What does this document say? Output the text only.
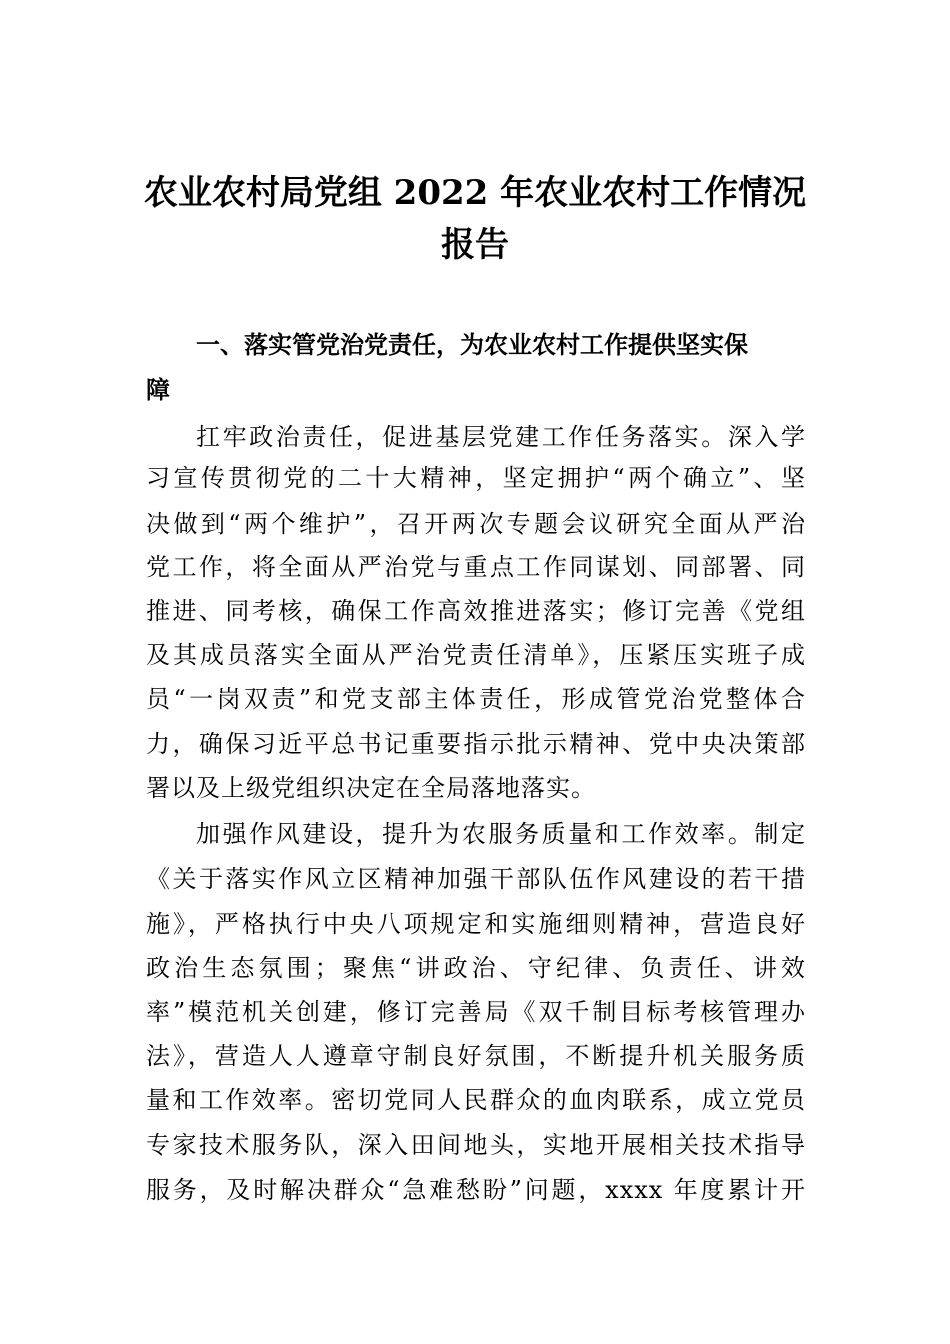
农业农村局党组 2022 年农业农村工作情况
报告
一、落实管党治党责任，为农业农村工作提供坚实保
障
扛牢政治责任，促进基层党建工作任务落实。深入学
习宣传贯彻党的二十大精神，坚定拥护“两个确立”、坚
决做到“两个维护”，召开两次专题会议研究全面从严治
党工作，将全面从严治党与重点工作同谋划、同部署、同
推进、同考核，确保工作高效推进落实；修订完善《党组
及其成员落实全面从严治党责任清单》，压紧压实班子成
员“一岗双责”和党支部主体责任，形成管党治党整体合
力，确保习近平总书记重要指示批示精神、党中央决策部
署以及上级党组织决定在全局落地落实。
加强作风建设，提升为农服务质量和工作效率。制定
《关于落实作风立区精神加强干部队伍作风建设的若干措
施》，严格执行中央八项规定和实施细则精神，营造良好
政治生态氛围；聚焦“讲政治、守纪律、负责任、讲效
率”模范机关创建，修订完善局《双千制目标考核管理办
法》，营造人人遵章守制良好氛围，不断提升机关服务质
量和工作效率。密切党同人民群众的血肉联系，成立党员
专家技术服务队，深入田间地头，实地开展相关技术指导
服务，及时解决群众“急难愁盼”问题，xxxx 年度累计开
